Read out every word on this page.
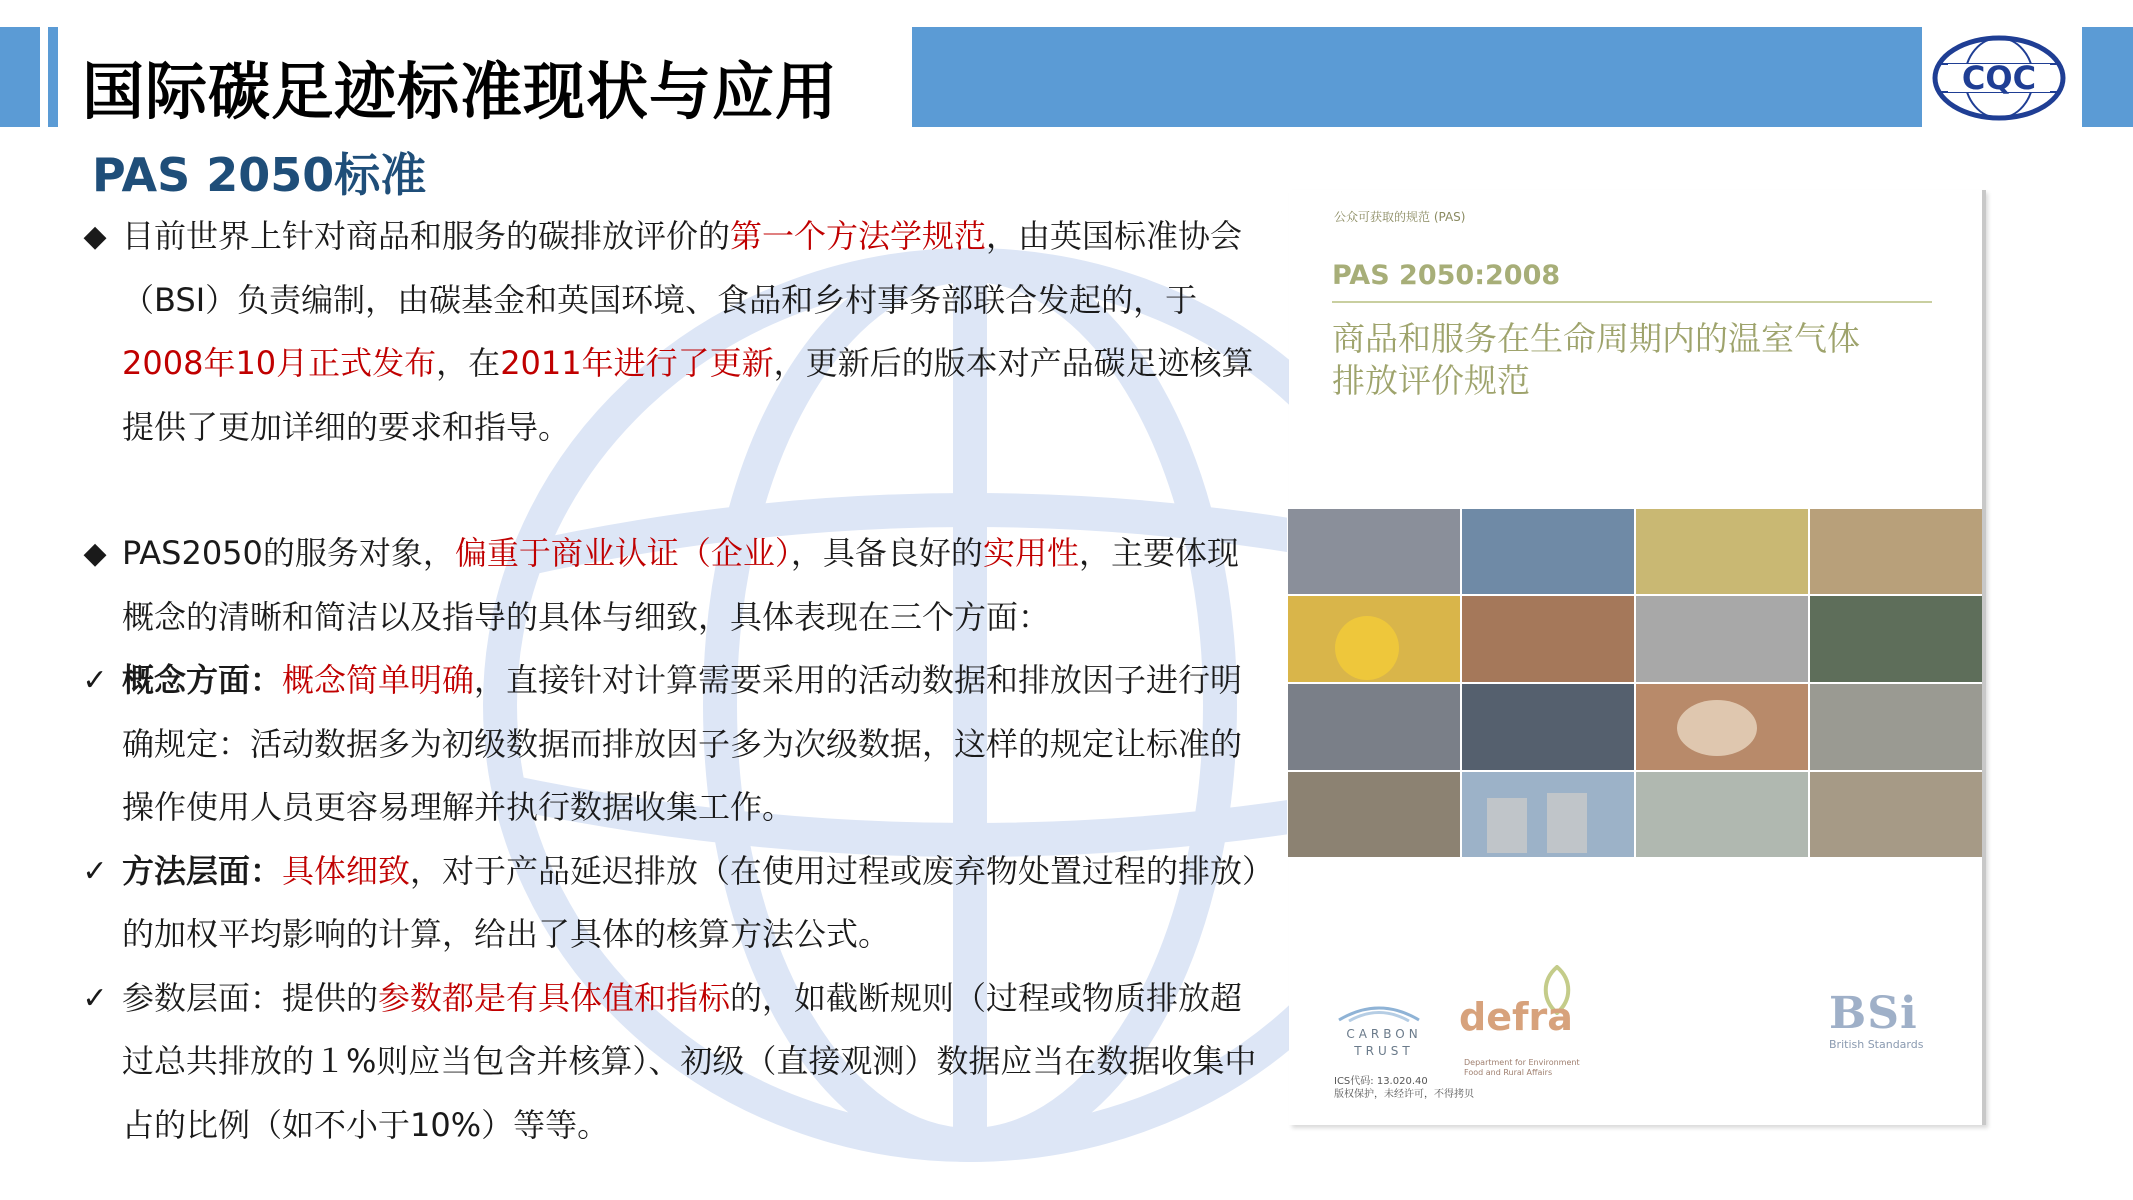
CQC
国际碳足迹标准现状与应用
PAS 2050标准
◆ 目前世界上针对商品和服务的碳排放评价的第一个方法学规范，由英国标准协会（BSI）负责编制，由碳基金和英国环境、食品和乡村事务部联合发起的，于2008年10月正式发布，在2011年进行了更新，更新后的版本对产品碳足迹核算提供了更加详细的要求和指导。
◆ PAS2050的服务对象，偏重于商业认证（企业），具备良好的实用性，主要体现概念的清晰和简洁以及指导的具体与细致，具体表现在三个方面：
✓ 概念方面：概念简单明确，直接针对计算需要采用的活动数据和排放因子进行明确规定：活动数据多为初级数据而排放因子多为次级数据，这样的规定让标准的操作使用人员更容易理解并执行数据收集工作。
✓ 方法层面：具体细致，对于产品延迟排放（在使用过程或废弃物处置过程的排放）的加权平均影响的计算，给出了具体的核算方法公式。
✓ 参数层面：提供的参数都是有具体值和指标的，如截断规则（过程或物质排放超过总共排放的１%则应当包含并核算）、初级（直接观测）数据应当在数据收集中占的比例（如不小于10%）等等。

公众可获取的规范 (PAS)

PAS 2050:2008

商品和服务在生命周期内的温室气体排放评价规范

CARBON
TRUST

ICS代码: 13.020.40
版权保护，未经许可，不得拷贝

defra
Department for Environment Food and Rural Affairs
BSi
British Standards
